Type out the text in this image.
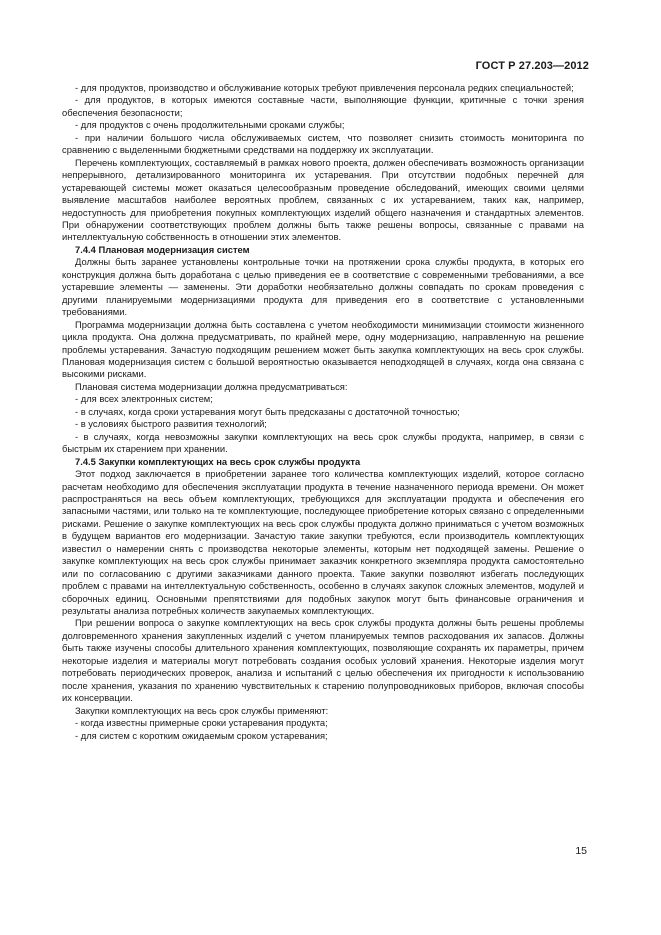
ГОСТ Р 27.203—2012

- для продуктов, производство и обслуживание которых требуют привлечения персонала редких специальностей;

- для продуктов, в которых имеются составные части, выполняющие функции, критичные с точки зрения обеспечения безопасности;

- для продуктов с очень продолжительными сроками службы;

- при наличии большого числа обслуживаемых систем, что позволяет снизить стоимость мониторинга по сравнению с выделенными бюджетными средствами на поддержку их эксплуатации.

Перечень комплектующих, составляемый в рамках нового проекта, должен обеспечивать возможность организации непрерывного, детализированного мониторинга их устаревания. При отсутствии подобных перечней для устаревающей системы может оказаться целесообразным проведение обследований, имеющих своими целями выявление масштабов наиболее вероятных проблем, связанных с их устареванием, таких как, например, недоступность для приобретения покупных комплектующих изделий общего назначения и стандартных элементов. При обнаружении соответствующих проблем должны быть также решены вопросы, связанные с правами на интеллектуальную собственность в отношении этих элементов.

7.4.4 Плановая модернизация систем

Должны быть заранее установлены контрольные точки на протяжении срока службы продукта, в которых его конструкция должна быть доработана с целью приведения ее в соответствие с современными требованиями, а все устаревшие элементы — заменены. Эти доработки необязательно должны совпадать по срокам проведения с другими планируемыми модернизациями продукта для приведения его в соответствие с установленными требованиями.

Программа модернизации должна быть составлена с учетом необходимости минимизации стоимости жизненного цикла продукта. Она должна предусматривать, по крайней мере, одну модернизацию, направленную на решение проблемы устаревания. Зачастую подходящим решением может быть закупка комплектующих на весь срок службы. Плановая модернизация систем с большой вероятностью оказывается неподходящей в случаях, когда она связана с высокими рисками.

Плановая система модернизации должна предусматриваться:

- для всех электронных систем;

- в случаях, когда сроки устаревания могут быть предсказаны с достаточной точностью;

- в условиях быстрого развития технологий;

- в случаях, когда невозможны закупки комплектующих на весь срок службы продукта, например, в связи с быстрым их старением при хранении.

7.4.5 Закупки комплектующих на весь срок службы продукта

Этот подход заключается в приобретении заранее того количества комплектующих изделий, которое согласно расчетам необходимо для обеспечения эксплуатации продукта в течение назначенного периода времени. Он может распространяться на весь объем комплектующих, требующихся для эксплуатации продукта и обеспечения его запасными частями, или только на те комплектующие, последующее приобретение которых связано с определенными рисками. Решение о закупке комплектующих на весь срок службы продукта должно приниматься с учетом возможных в будущем вариантов его модернизации. Зачастую такие закупки требуются, если производитель комплектующих известил о намерении снять с производства некоторые элементы, которым нет подходящей замены. Решение о закупке комплектующих на весь срок службы принимает заказчик конкретного экземпляра продукта самостоятельно или по согласованию с другими заказчиками данного проекта. Такие закупки позволяют избегать последующих проблем с правами на интеллектуальную собственность, особенно в случаях закупок сложных элементов, модулей и сборочных единиц. Основными препятствиями для подобных закупок могут быть финансовые ограничения и результаты анализа потребных количеств закупаемых комплектующих.

При решении вопроса о закупке комплектующих на весь срок службы продукта должны быть решены проблемы долговременного хранения закупленных изделий с учетом планируемых темпов расходования их запасов. Должны быть также изучены способы длительного хранения комплектующих, позволяющие сохранять их параметры, причем некоторые изделия и материалы могут потребовать создания особых условий хранения. Некоторые изделия могут потребовать периодических проверок, анализа и испытаний с целью обеспечения их пригодности к использованию после хранения, указания по хранению чувствительных к старению полупроводниковых приборов, включая способы их консервации.

Закупки комплектующих на весь срок службы применяют:

- когда известны примерные сроки устаревания продукта;

- для систем с коротким ожидаемым сроком устаревания;

15
